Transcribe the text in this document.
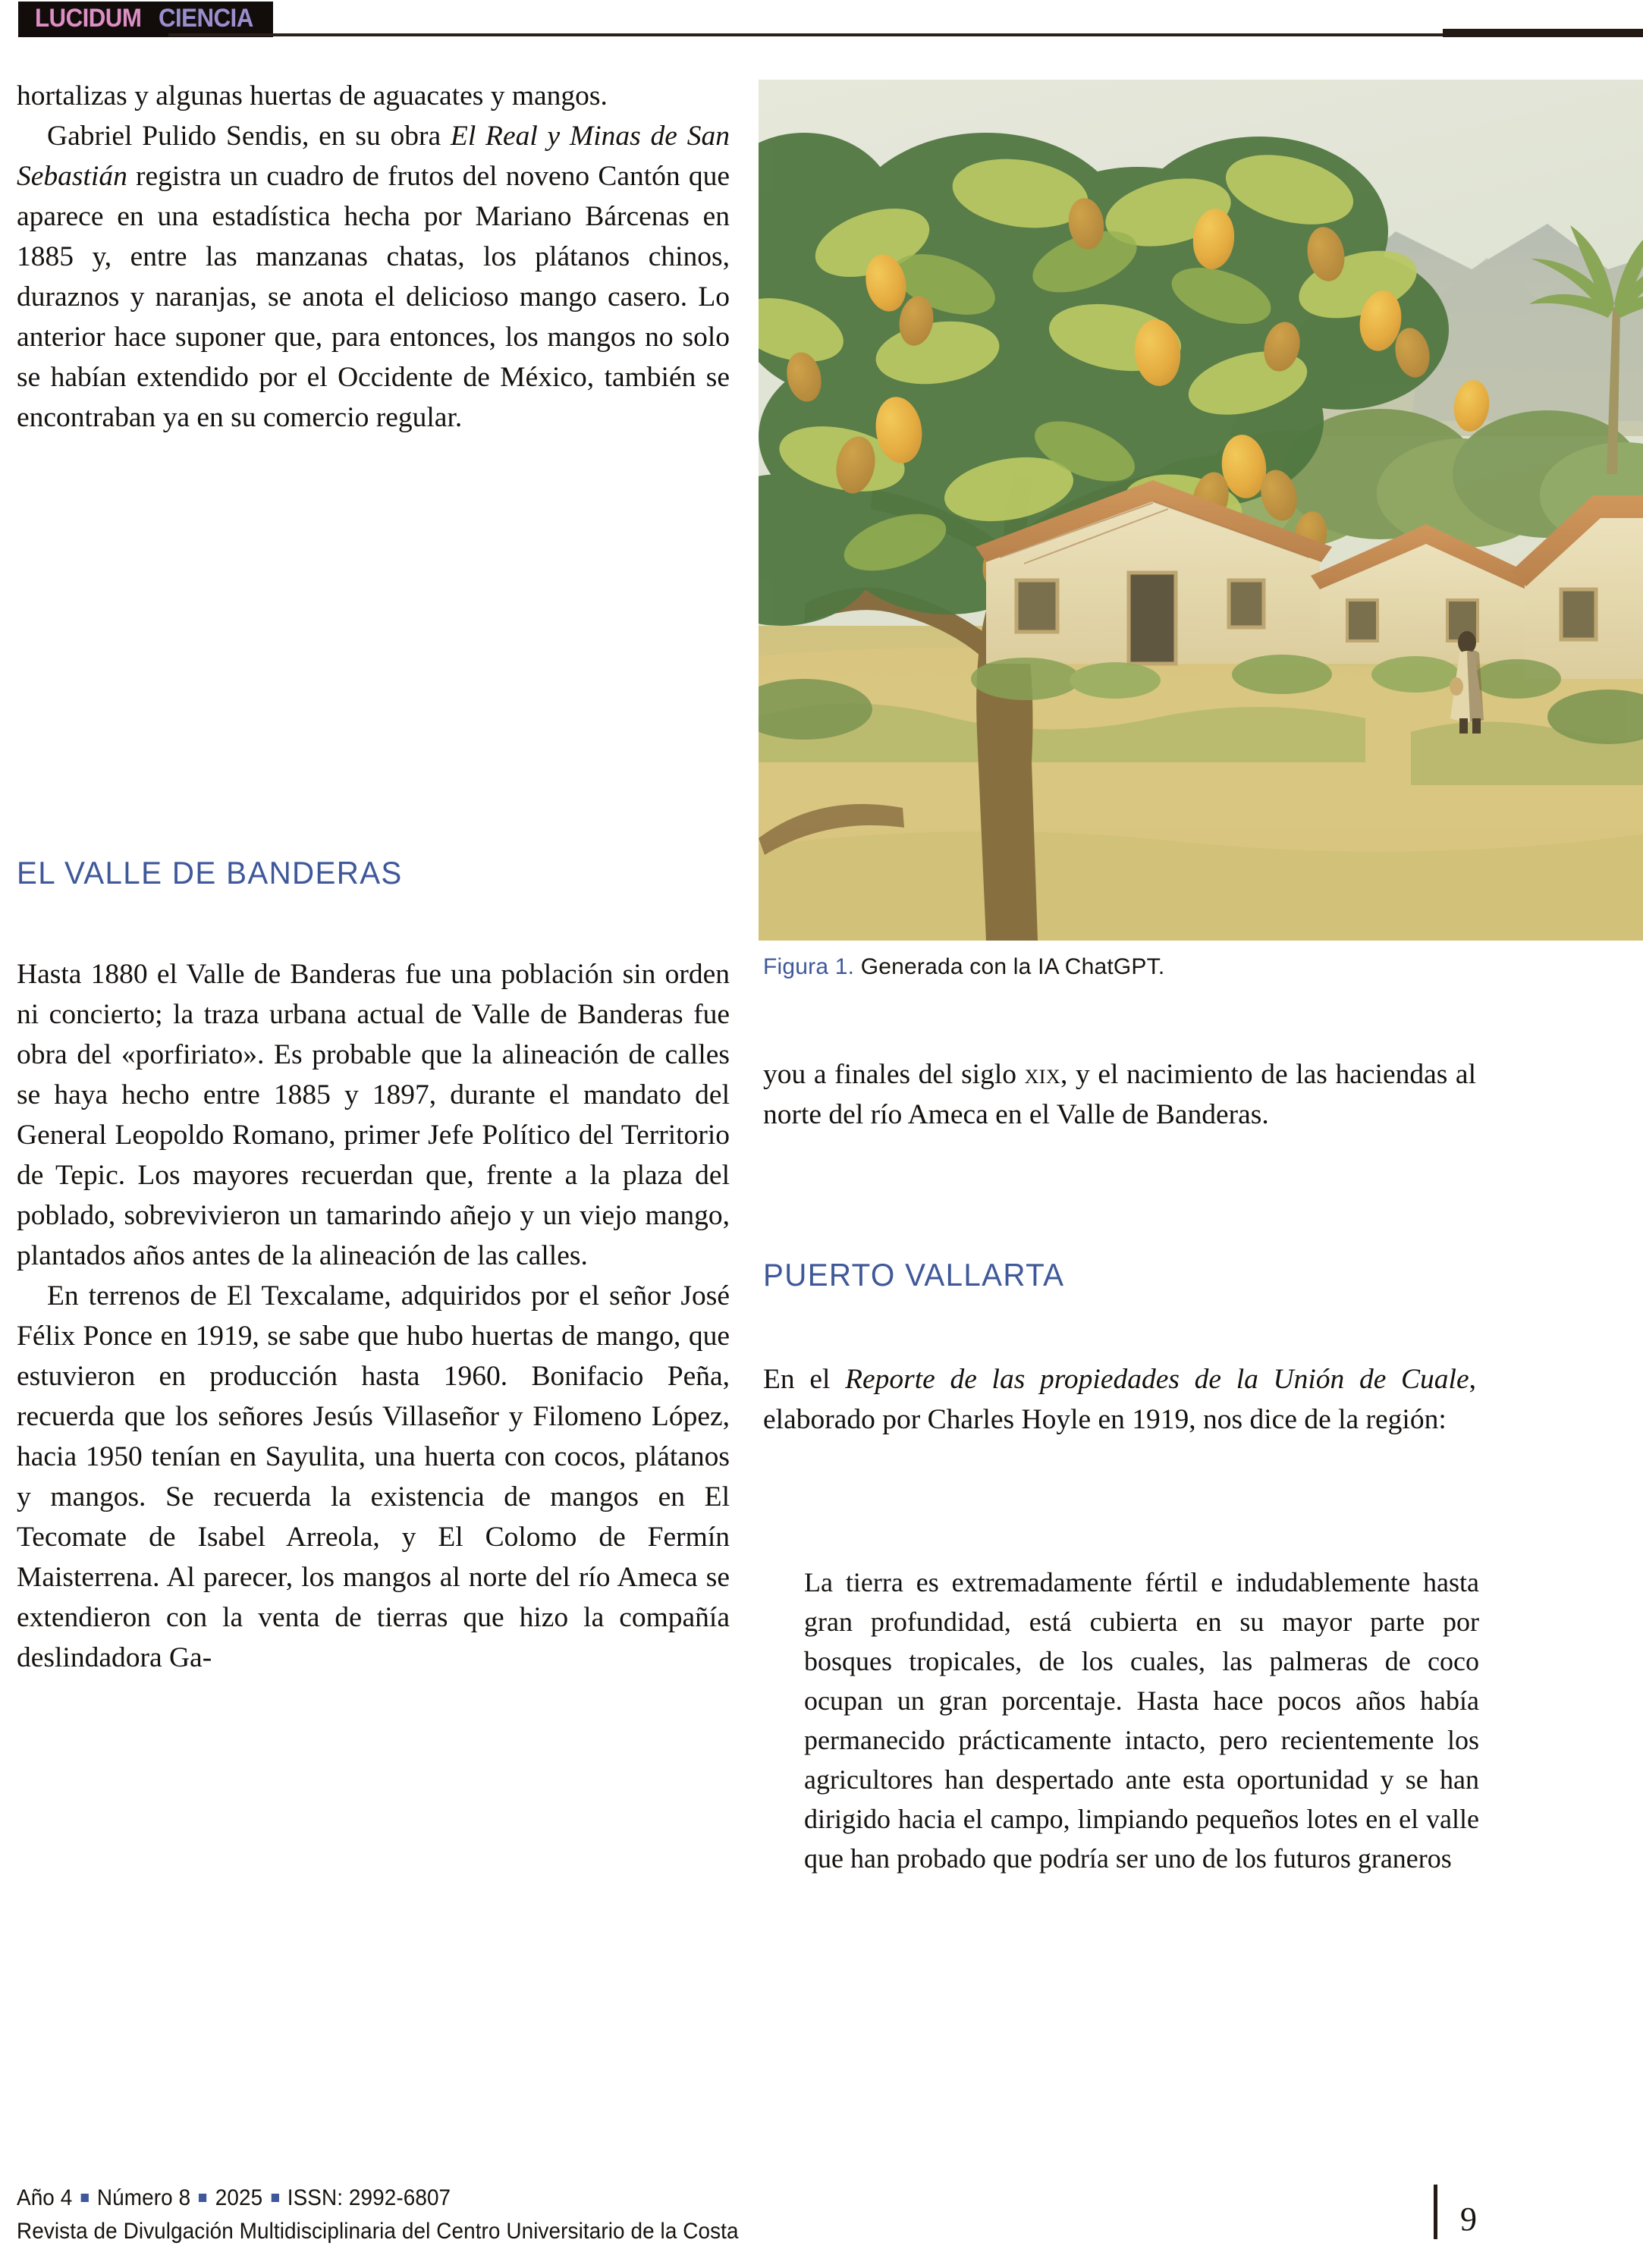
LUCIDUM CIENCIA

hortalizas y algunas huertas de aguacates y mangos.

Gabriel Pulido Sendis, en su obra El Real y Minas de San Sebastián registra un cuadro de frutos del noveno Cantón que aparece en una estadística hecha por Mariano Bárcenas en 1885 y, entre las manzanas chatas, los plátanos chinos, duraznos y naranjas, se anota el delicioso mango casero. Lo anterior hace suponer que, para entonces, los mangos no solo se habían extendido por el Occidente de México, también se encontraban ya en su comercio regular.

EL VALLE DE BANDERAS

Hasta 1880 el Valle de Banderas fue una población sin orden ni concierto; la traza urbana actual de Valle de Banderas fue obra del «porfiriato». Es probable que la alineación de calles se haya hecho entre 1885 y 1897, durante el mandato del General Leopoldo Romano, primer Jefe Político del Territorio de Tepic. Los mayores recuerdan que, frente a la plaza del poblado, sobrevivieron un tamarindo añejo y un viejo mango, plantados años antes de la alineación de las calles.

En terrenos de El Texcalame, adquiridos por el señor José Félix Ponce en 1919, se sabe que hubo huertas de mango, que estuvieron en producción hasta 1960. Bonifacio Peña, recuerda que los señores Jesús Villaseñor y Filomeno López, hacia 1950 tenían en Sayulita, una huerta con cocos, plátanos y mangos. Se recuerda la existencia de mangos en El Tecomate de Isabel Arreola, y El Colomo de Fermín Maisterrena. Al parecer, los mangos al norte del río Ameca se extendieron con la venta de tierras que hizo la compañía deslindadora Ga-

Figura 1. Generada con la IA ChatGPT.

you a finales del siglo xix, y el nacimiento de las haciendas al norte del río Ameca en el Valle de Banderas.

PUERTO VALLARTA

En el Reporte de las propiedades de la Unión de Cuale, elaborado por Charles Hoyle en 1919, nos dice de la región:

La tierra es extremadamente fértil e indudablemente hasta gran profundidad, está cubierta en su mayor parte por bosques tropicales, de los cuales, las palmeras de coco ocupan un gran porcentaje. Hasta hace pocos años había permanecido prácticamente intacto, pero recientemente los agricultores han despertado ante esta oportunidad y se han dirigido hacia el campo, limpiando pequeños lotes en el valle que han probado que podría ser uno de los futuros graneros

Año 4 Número 8 2025 ISSN: 2992-6807
Revista de Divulgación Multidisciplinaria del Centro Universitario de la Costa	9
